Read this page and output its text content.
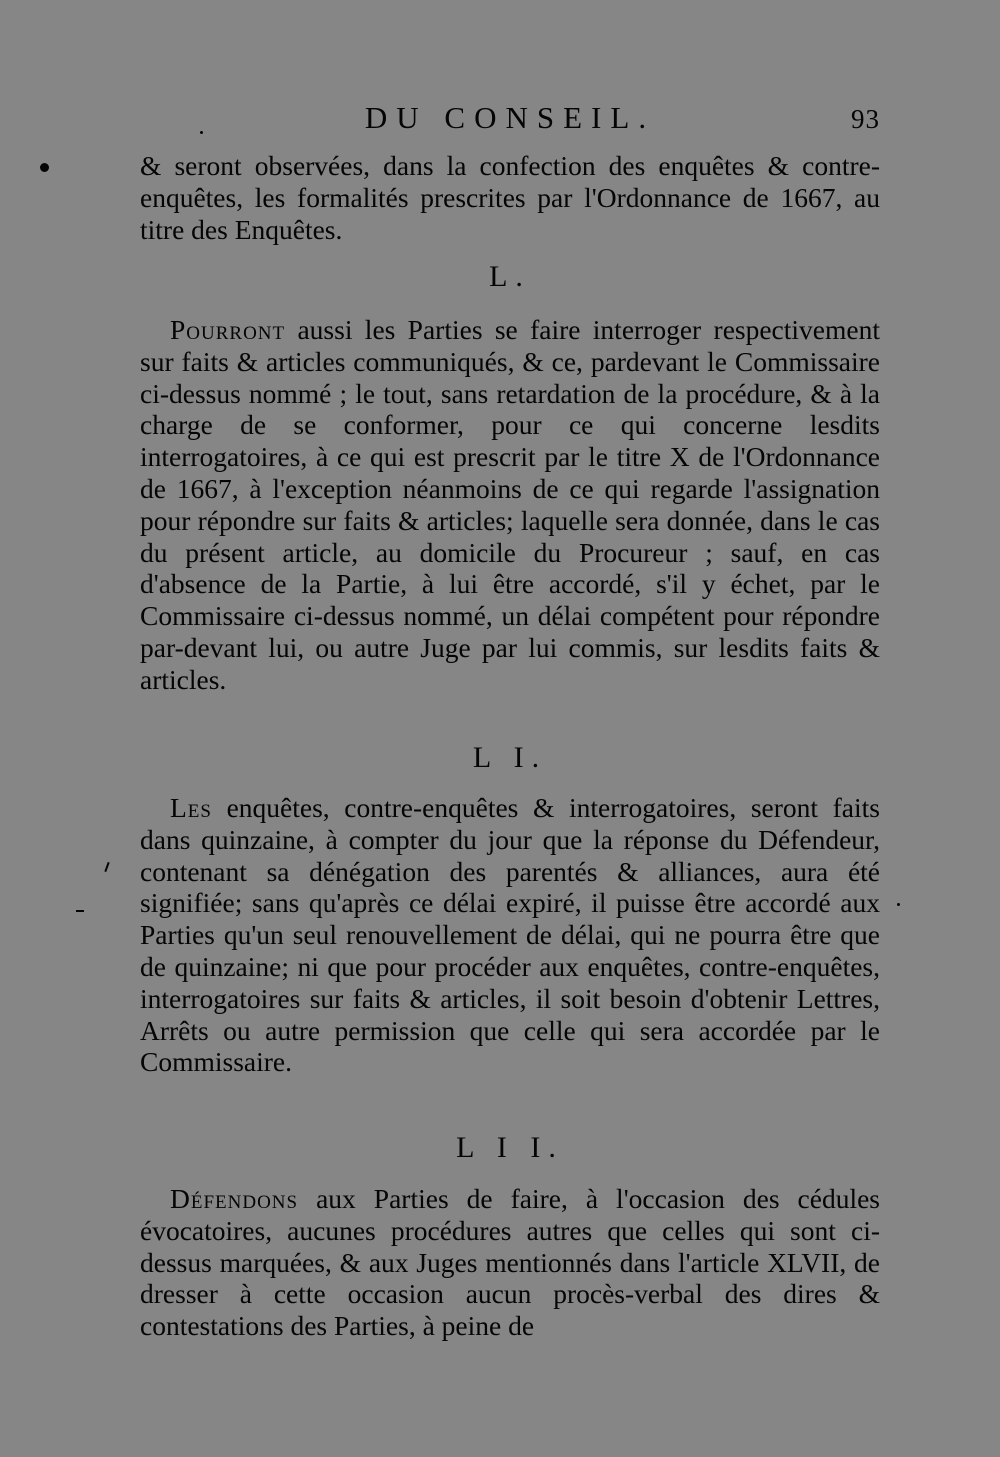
DU CONSEIL.	93

& seront observées, dans la confection des enquêtes & contre-enquêtes, les formalités prescrites par l'Ordonnance de 1667, au titre des Enquêtes.

L.

Pourront aussi les Parties se faire interroger respectivement sur faits & articles communiqués, & ce, pardevant le Commissaire ci-dessus nommé ; le tout, sans retardation de la procédure, & à la charge de se conformer, pour ce qui concerne lesdits interrogatoires, à ce qui est prescrit par le titre X de l'Ordonnance de 1667, à l'exception néanmoins de ce qui regarde l'assignation pour répondre sur faits & articles; laquelle sera donnée, dans le cas du présent article, au domicile du Procureur ; sauf, en cas d'absence de la Partie, à lui être accordé, s'il y échet, par le Commissaire ci-dessus nommé, un délai compétent pour répondre par-devant lui, ou autre Juge par lui commis, sur lesdits faits & articles.

L I.

Les enquêtes, contre-enquêtes & interrogatoires, seront faits dans quinzaine, à compter du jour que la réponse du Défendeur, contenant sa dénégation des parentés & alliances, aura été signifiée; sans qu'après ce délai expiré, il puisse être accordé aux Parties qu'un seul renouvellement de délai, qui ne pourra être que de quinzaine; ni que pour procéder aux enquêtes, contre-enquêtes, interrogatoires sur faits & articles, il soit besoin d'obtenir Lettres, Arrêts ou autre permission que celle qui sera accordée par le Commissaire.

L I I.

Défendons aux Parties de faire, à l'occasion des cédules évocatoires, aucunes procédures autres que celles qui sont ci-dessus marquées, & aux Juges mentionnés dans l'article XLVII, de dresser à cette occasion aucun procès-verbal des dires & contestations des Parties, à peine de
